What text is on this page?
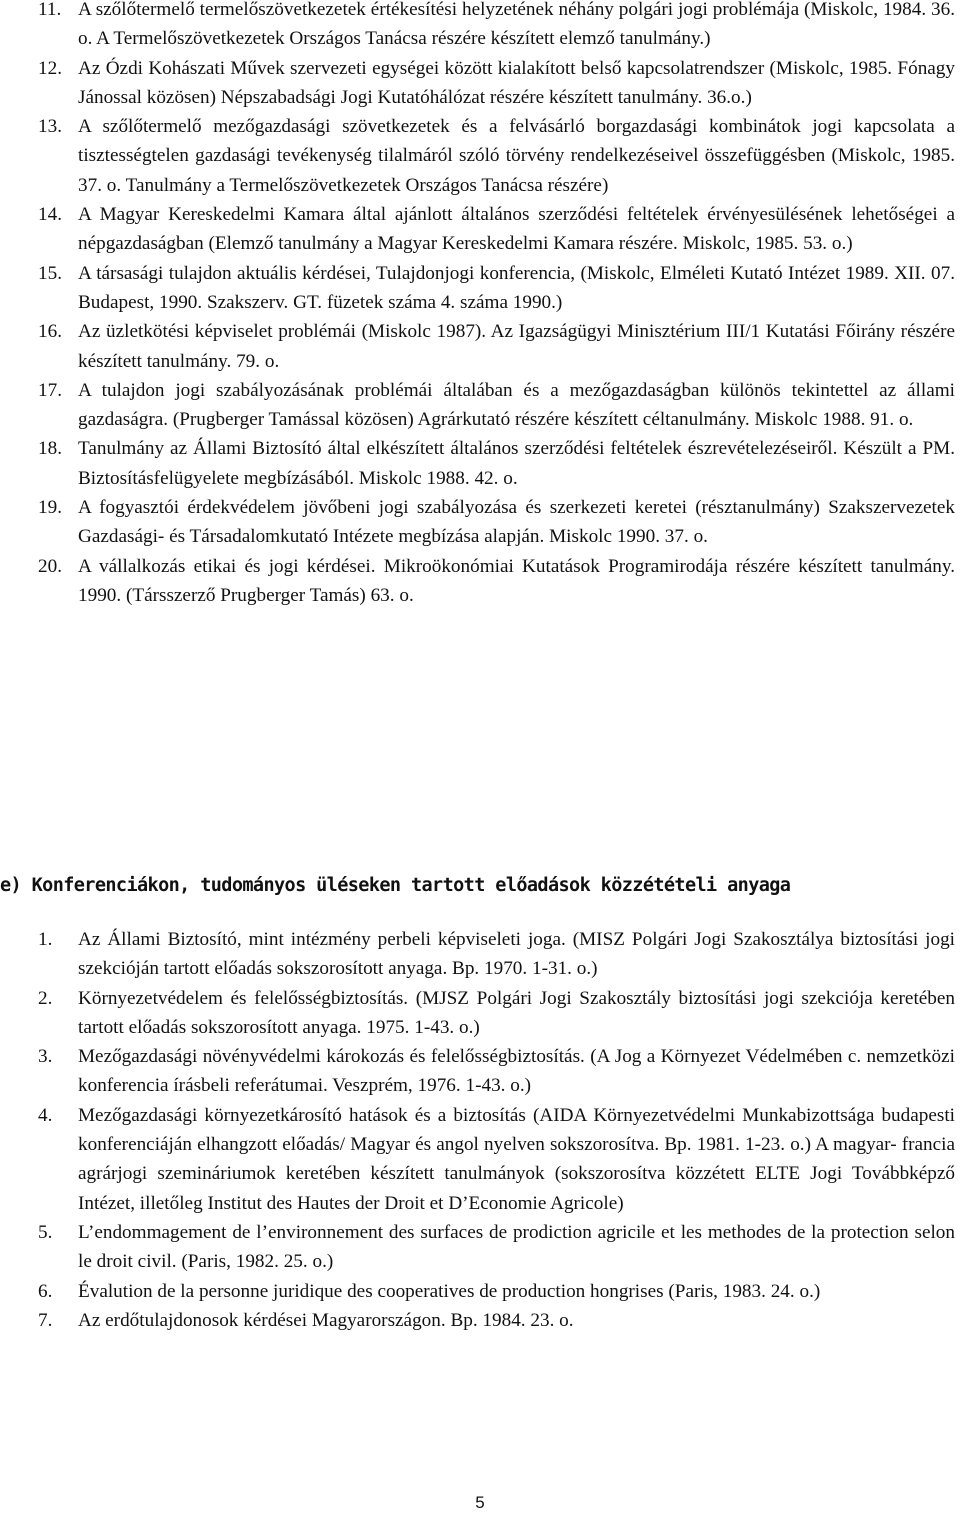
11. A szőlőtermelő termelőszövetkezetek értékesítési helyzetének néhány polgári jogi problémája (Miskolc, 1984. 36. o. A Termelőszövetkezetek Országos Tanácsa részére készített elemző tanulmány.)
12. Az Ózdi Kohászati Művek szervezeti egységei között kialakított belső kapcsolatrendszer (Miskolc, 1985. Fónagy Jánossal közösen) Népszabadsági Jogi Kutatóhálózat részére készített tanulmány. 36.o.)
13. A szőlőtermelő mezőgazdasági szövetkezetek és a felvásárló borgazdasági kombinátok jogi kapcsolata a tisztességtelen gazdasági tevékenység tilalmáról szóló törvény rendelkezéseivel összefüggésben (Miskolc, 1985. 37. o. Tanulmány a Termelőszövetkezetek Országos Tanácsa részére)
14. A Magyar Kereskedelmi Kamara által ajánlott általános szerződési feltételek érvényesülésének lehetőségei a népgazdaságban (Elemző tanulmány a Magyar Kereskedelmi Kamara részére. Miskolc, 1985. 53. o.)
15. A társasági tulajdon aktuális kérdései, Tulajdonjogi konferencia, (Miskolc, Elméleti Kutató Intézet 1989. XII. 07. Budapest, 1990. Szakszerv. GT. füzetek száma 4. száma 1990.)
16. Az üzletkötési képviselet problémái (Miskolc 1987). Az Igazságügyi Minisztérium III/1 Kutatási Főirány részére készített tanulmány. 79. o.
17. A tulajdon jogi szabályozásának problémái általában és a mezőgazdaságban különös tekintettel az állami gazdaságra. (Prugberger Tamással közösen) Agrárkutató részére készített céltanulmány. Miskolc 1988. 91. o.
18. Tanulmány az Állami Biztosító által elkészített általános szerződési feltételek észrevételezéseiről. Készült a PM. Biztosításfelügyelete megbízásából. Miskolc 1988. 42. o.
19. A fogyasztói érdekvédelem jövőbeni jogi szabályozása és szerkezeti keretei (résztanulmány) Szakszervezetek Gazdasági- és Társadalomkutató Intézete megbízása alapján. Miskolc 1990. 37. o.
20. A vállalkozás etikai és jogi kérdései. Mikroökonómiai Kutatások Programirodája részére készített tanulmány. 1990. (Társszerző Prugberger Tamás) 63. o.
e) Konferenciákon, tudományos üléseken tartott előadások közzétételi anyaga
1. Az Állami Biztosító, mint intézmény perbeli képviseleti joga. (MISZ Polgári Jogi Szakosztálya biztosítási jogi szekcióján tartott előadás sokszorosított anyaga. Bp. 1970. 1-31. o.)
2. Környezetvédelem és felelősségbiztosítás. (MJSZ Polgári Jogi Szakosztály biztosítási jogi szekciója keretében tartott előadás sokszorosított anyaga. 1975. 1-43. o.)
3. Mezőgazdasági növényvédelmi károkozás és felelősségbiztosítás. (A Jog a Környezet Védelmében c. nemzetközi konferencia írásbeli referátumai. Veszprém, 1976. 1-43. o.)
4. Mezőgazdasági környezetkárosító hatások és a biztosítás (AIDA Környezetvédelmi Munkabizottsága budapesti konferenciáján elhangzott előadás/ Magyar és angol nyelven sokszorosítva. Bp. 1981. 1-23. o.) A magyar- francia agrárjogi szemináriumok keretében készített tanulmányok (sokszorosítva közzétett ELTE Jogi Továbbképző Intézet, illetőleg Institut des Hautes der Droit et D’Economie Agricole)
5. L’endommagement de l’environnement des surfaces de prodiction agricile et les methodes de la protection selon le droit civil. (Paris, 1982. 25. o.)
6. Évalution de la personne juridique des cooperatives de production hongrises (Paris, 1983. 24. o.)
7. Az erdőtulajdonosok kérdései Magyarországon. Bp. 1984. 23. o.
5
